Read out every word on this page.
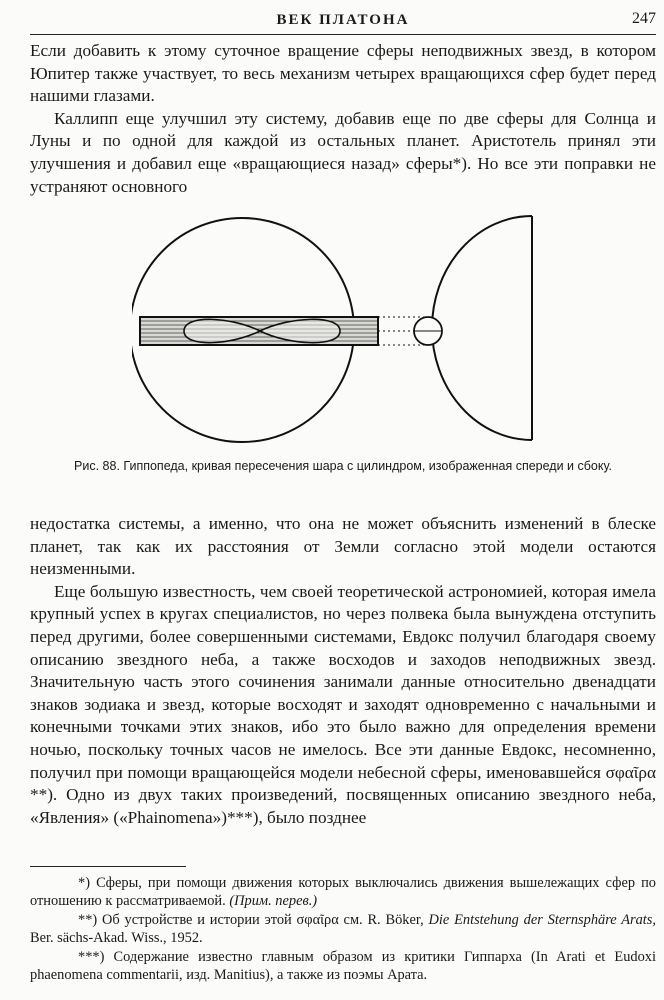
ВЕК ПЛАТОНА	247

Если добавить к этому суточное вращение сферы неподвижных звезд, в котором Юпитер также участвует, то весь механизм четырех вращающихся сфер будет перед нашими глазами.

Каллипп еще улучшил эту систему, добавив еще по две сферы для Солнца и Луны и по одной для каждой из остальных планет. Аристотель принял эти улучшения и добавил еще «вращающиеся назад» сферы*). Но все эти поправки не устраняют основного

Рис. 88. Гиппопеда, кривая пересечения шара с цилиндром, изображенная спереди и сбоку.

недостатка системы, а именно, что она не может объяснить изменений в блеске планет, так как их расстояния от Земли согласно этой модели остаются неизменными.

Еще большую известность, чем своей теоретической астрономией, которая имела крупный успех в кругах специалистов, но через полвека была вынуждена отступить перед другими, более совершенными системами, Евдокс получил благодаря своему описанию звездного неба, а также восходов и заходов неподвижных звезд. Значительную часть этого сочинения занимали данные относительно двенадцати знаков зодиака и звезд, которые восходят и заходят одновременно с начальными и конечными точками этих знаков, ибо это было важно для определения времени ночью, поскольку точных часов не имелось. Все эти данные Евдокс, несомненно, получил при помощи вращающейся модели небесной сферы, именовавшейся σφαῖρα **). Одно из двух таких произведений, посвященных описанию звездного неба, «Явления» («Phainomena»)***), было позднее

*) Сферы, при помощи движения которых выключались движения вышележащих сфер по отношению к рассматриваемой. (Прим. перев.)

**) Об устройстве и истории этой σφαῖρα см. R. Böker, Die Entstehung der Sternsphäre Arats, Ber. sächs-Akad. Wiss., 1952.

***) Содержание известно главным образом из критики Гиппарха (In Arati et Eudoxi phaenomena commentarii, изд. Manitius), а также из поэмы Арата.
